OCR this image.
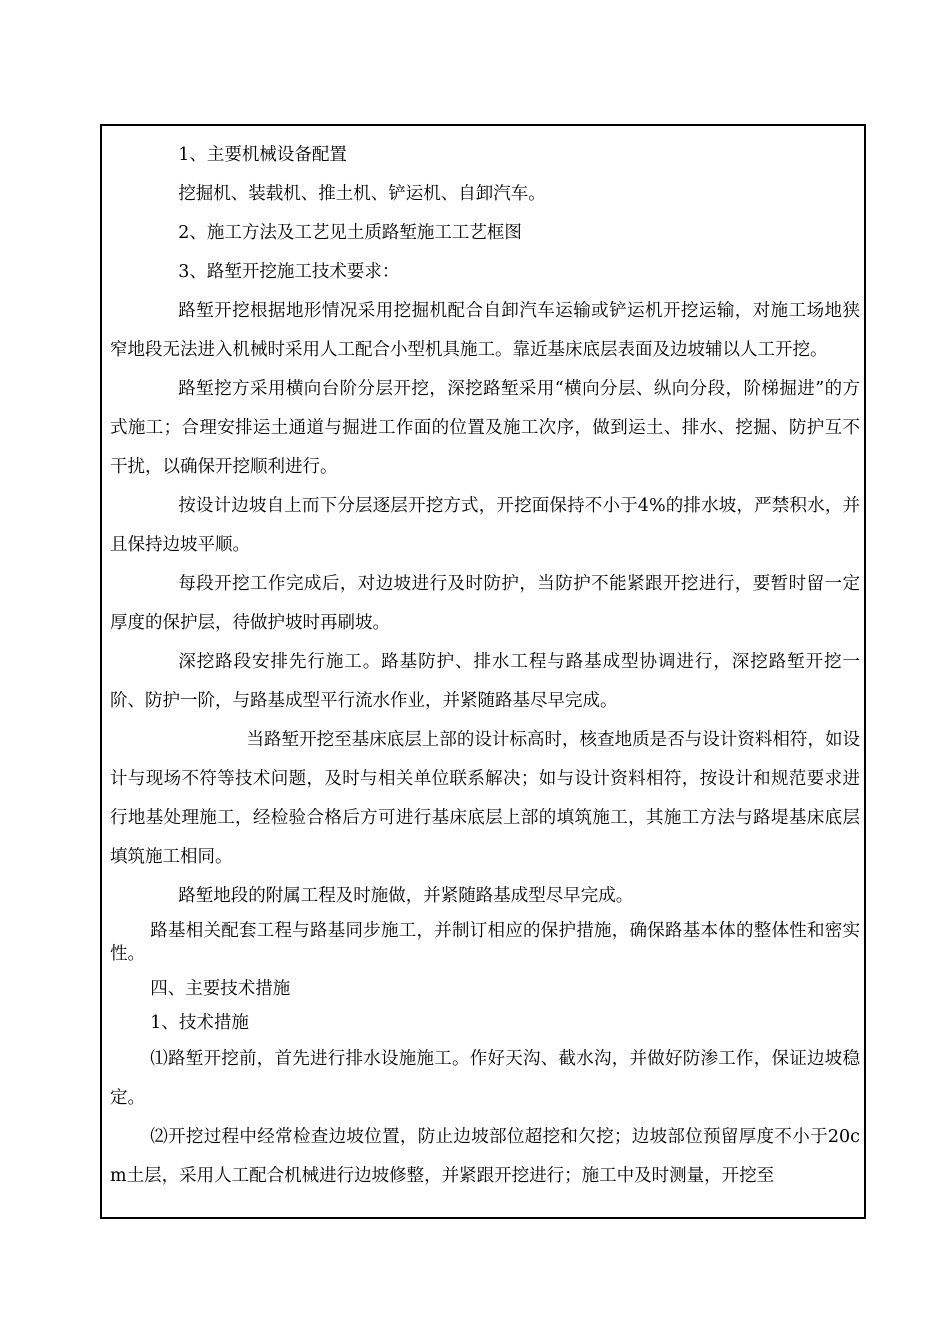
1、主要机械设备配置

挖掘机、装载机、推土机、铲运机、自卸汽车。

2、施工方法及工艺见土质路堑施工工艺框图

3、路堑开挖施工技术要求：

路堑开挖根据地形情况采用挖掘机配合自卸汽车运输或铲运机开挖运输，对施工场地狭窄地段无法进入机械时采用人工配合小型机具施工。靠近基床底层表面及边坡辅以人工开挖。

路堑挖方采用横向台阶分层开挖，深挖路堑采用“横向分层、纵向分段，阶梯掘进”的方式施工；合理安排运土通道与掘进工作面的位置及施工次序，做到运土、排水、挖掘、防护互不干扰，以确保开挖顺利进行。

按设计边坡自上而下分层逐层开挖方式，开挖面保持不小于4%的排水坡，严禁积水，并且保持边坡平顺。

每段开挖工作完成后，对边坡进行及时防护，当防护不能紧跟开挖进行，要暂时留一定厚度的保护层，待做护坡时再刷坡。

深挖路段安排先行施工。路基防护、排水工程与路基成型协调进行，深挖路堑开挖一阶、防护一阶，与路基成型平行流水作业，并紧随路基尽早完成。

当路堑开挖至基床底层上部的设计标高时，核查地质是否与设计资料相符，如设计与现场不符等技术问题，及时与相关单位联系解决；如与设计资料相符，按设计和规范要求进行地基处理施工，经检验合格后方可进行基床底层上部的填筑施工，其施工方法与路堤基床底层填筑施工相同。

路堑地段的附属工程及时施做，并紧随路基成型尽早完成。

路基相关配套工程与路基同步施工，并制订相应的保护措施，确保路基本体的整体性和密实性。

四、主要技术措施

1、技术措施

⑴路堑开挖前，首先进行排水设施施工。作好天沟、截水沟，并做好防渗工作，保证边坡稳定。

⑵开挖过程中经常检查边坡位置，防止边坡部位超挖和欠挖；边坡部位预留厚度不小于20cm土层，采用人工配合机械进行边坡修整，并紧跟开挖进行；施工中及时测量，开挖至
